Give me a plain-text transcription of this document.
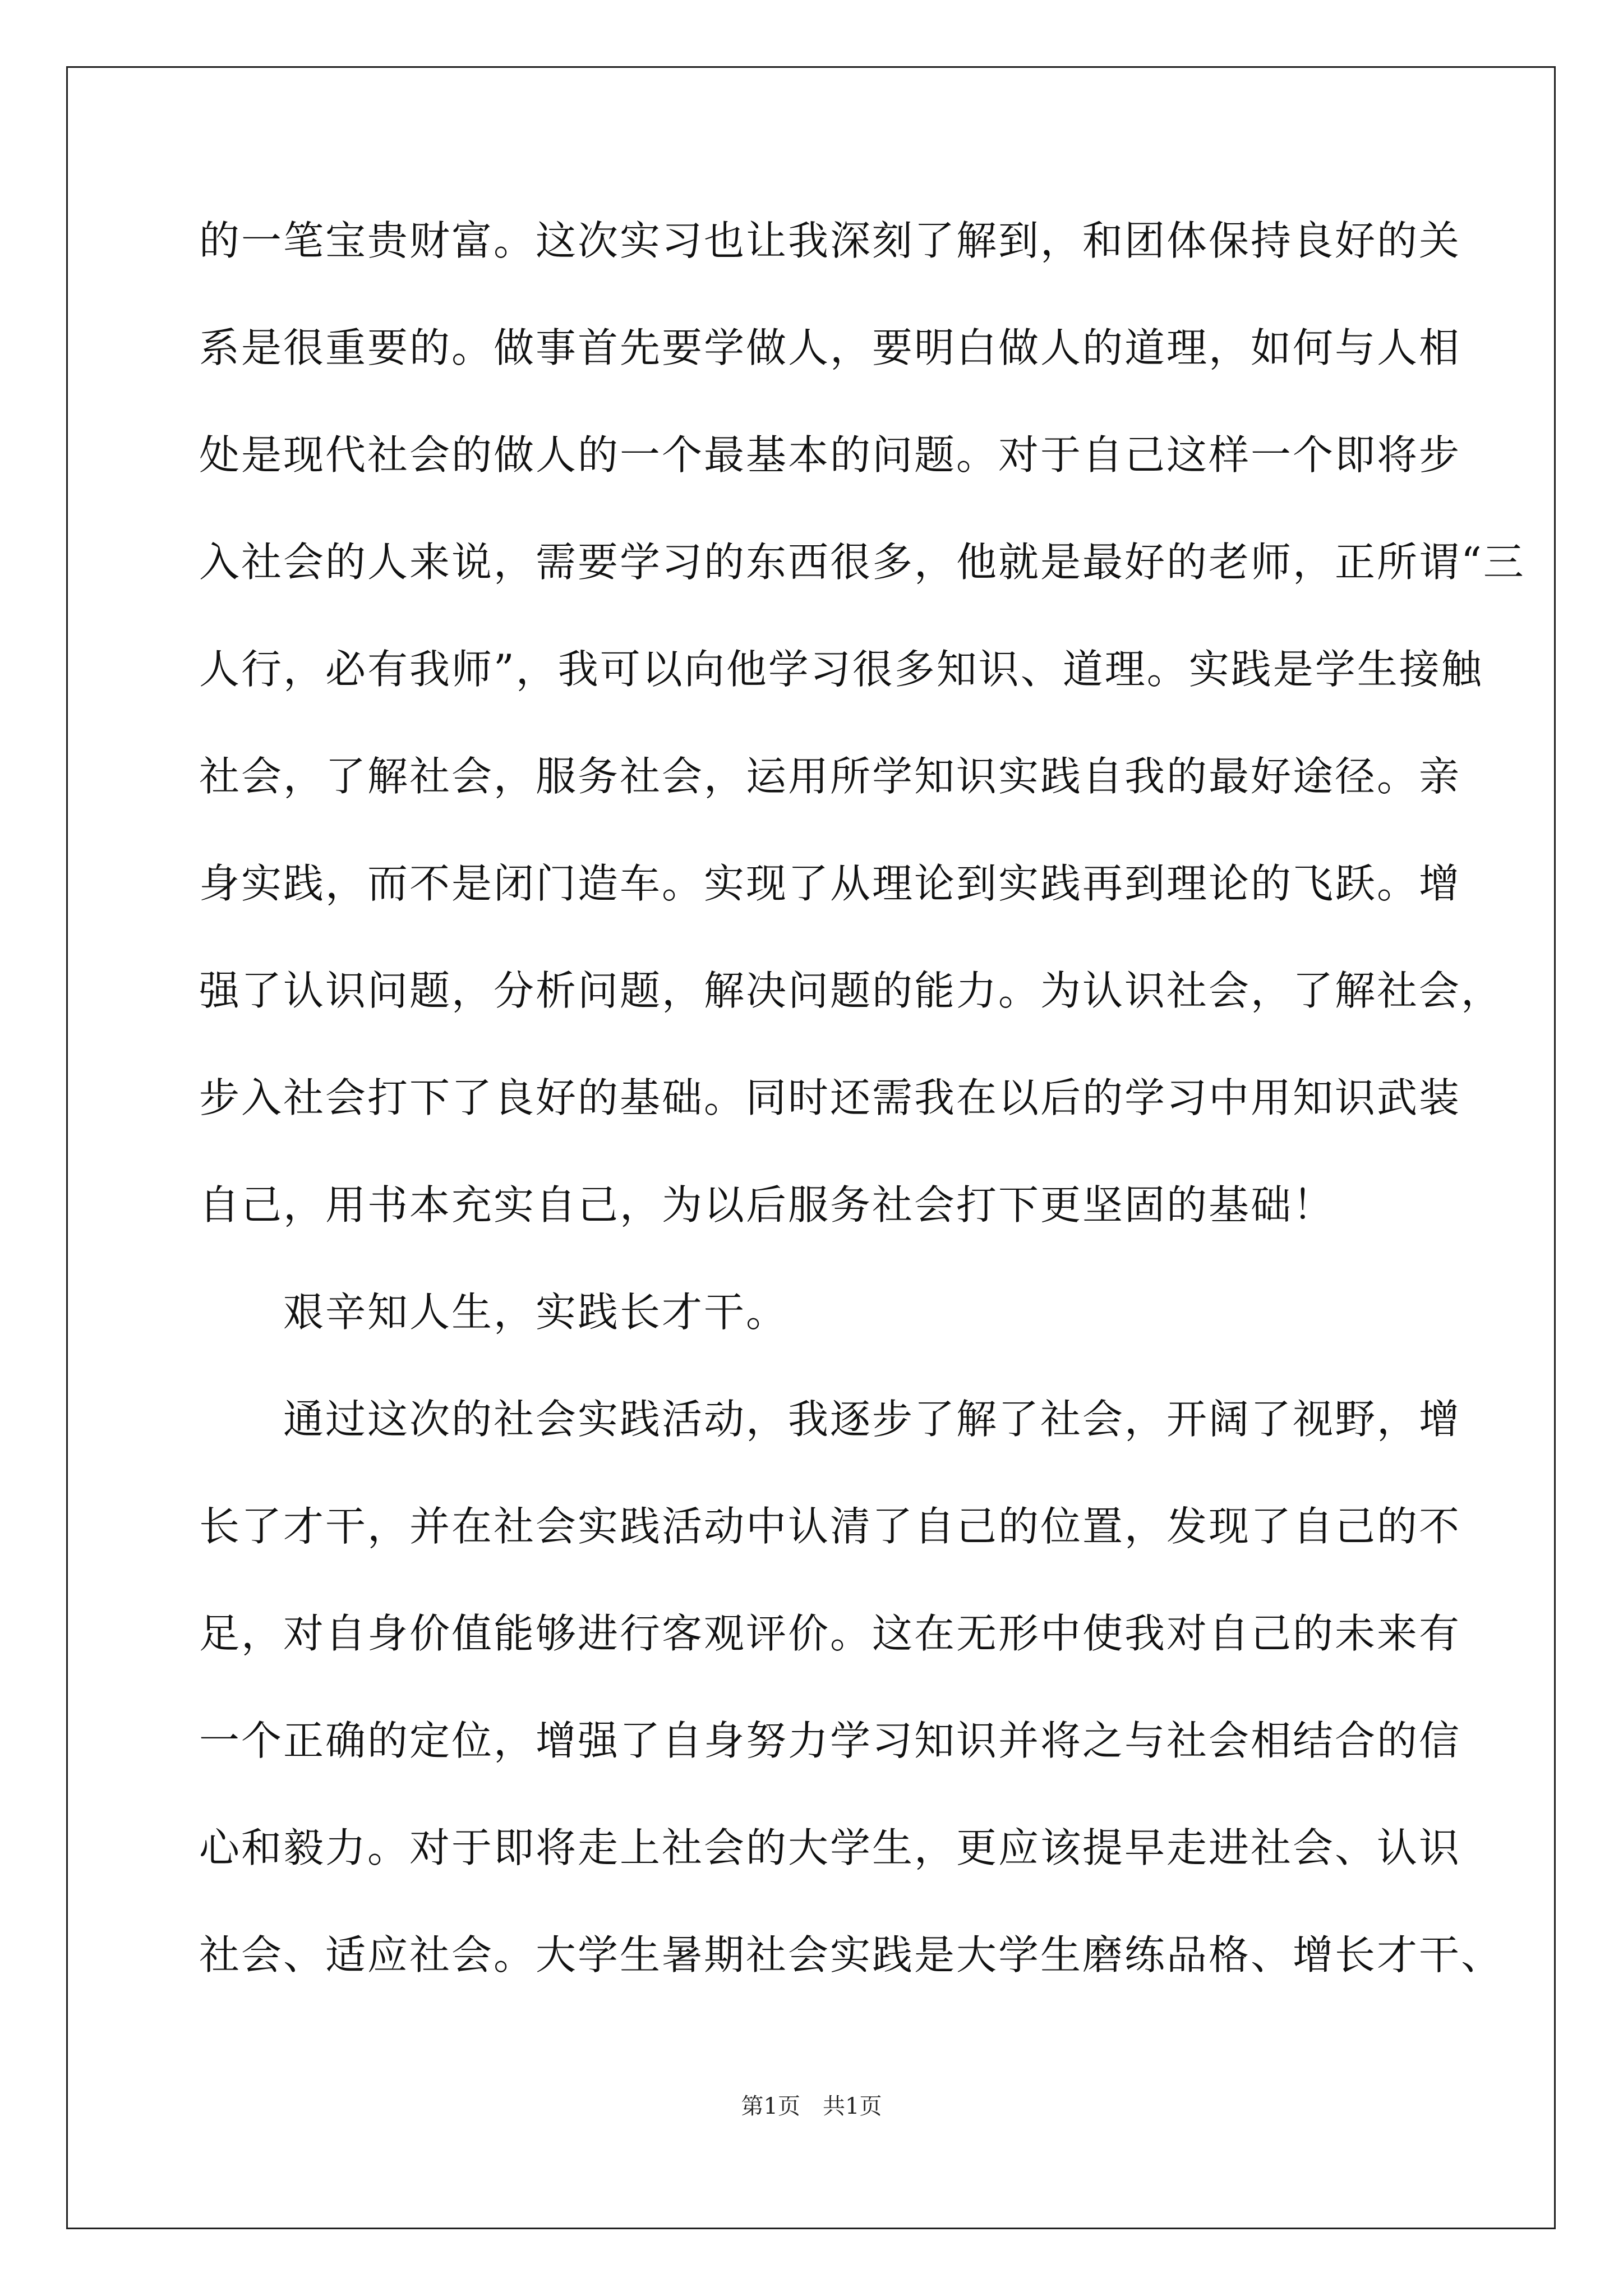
的一笔宝贵财富。这次实习也让我深刻了解到，和团体保持良好的关
系是很重要的。做事首先要学做人，要明白做人的道理，如何与人相
处是现代社会的做人的一个最基本的问题。对于自己这样一个即将步
入社会的人来说，需要学习的东西很多，他就是最好的老师，正所谓“三
人行，必有我师”，我可以向他学习很多知识、道理。实践是学生接触
社会，了解社会，服务社会，运用所学知识实践自我的最好途径。亲
身实践，而不是闭门造车。实现了从理论到实践再到理论的飞跃。增
强了认识问题，分析问题，解决问题的能力。为认识社会，了解社会，
步入社会打下了良好的基础。同时还需我在以后的学习中用知识武装
自己，用书本充实自己，为以后服务社会打下更坚固的基础！
　　艰辛知人生，实践长才干。
　　通过这次的社会实践活动，我逐步了解了社会，开阔了视野，增
长了才干，并在社会实践活动中认清了自己的位置，发现了自己的不
足，对自身价值能够进行客观评价。这在无形中使我对自己的未来有
一个正确的定位，增强了自身努力学习知识并将之与社会相结合的信
心和毅力。对于即将走上社会的大学生，更应该提早走进社会、认识
社会、适应社会。大学生暑期社会实践是大学生磨练品格、增长才干、
第1页　共1页
